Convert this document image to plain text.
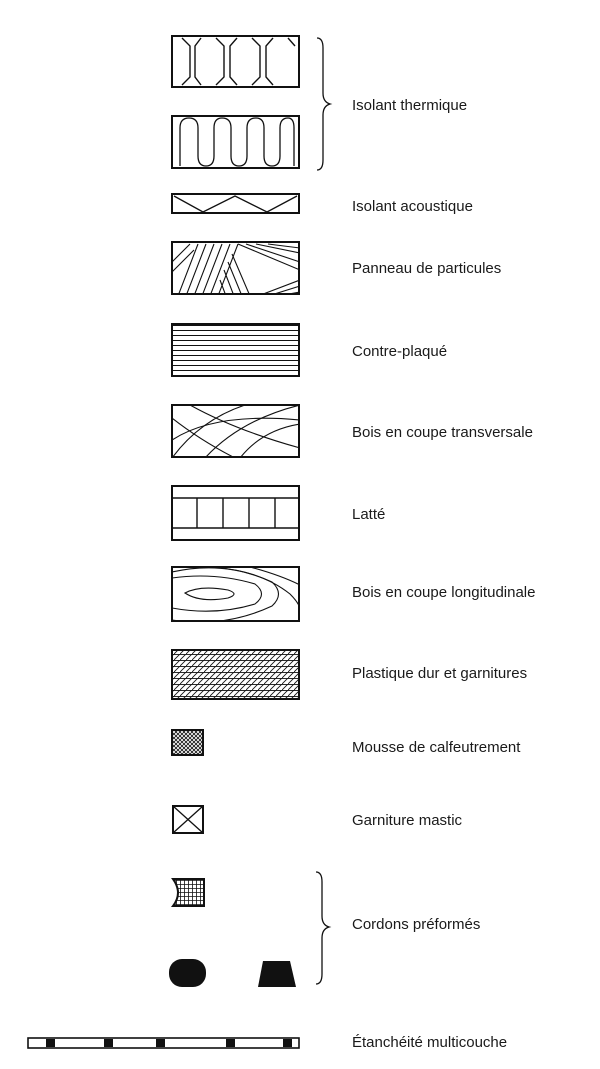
Isolant thermique
Isolant acoustique
Panneau de particules
Contre-plaqué
Bois en coupe transversale
Latté
Bois en coupe longitudinale
Plastique dur et garnitures
Mousse de calfeutrement
Garniture mastic
Cordons préformés
Étanchéité multicouche
